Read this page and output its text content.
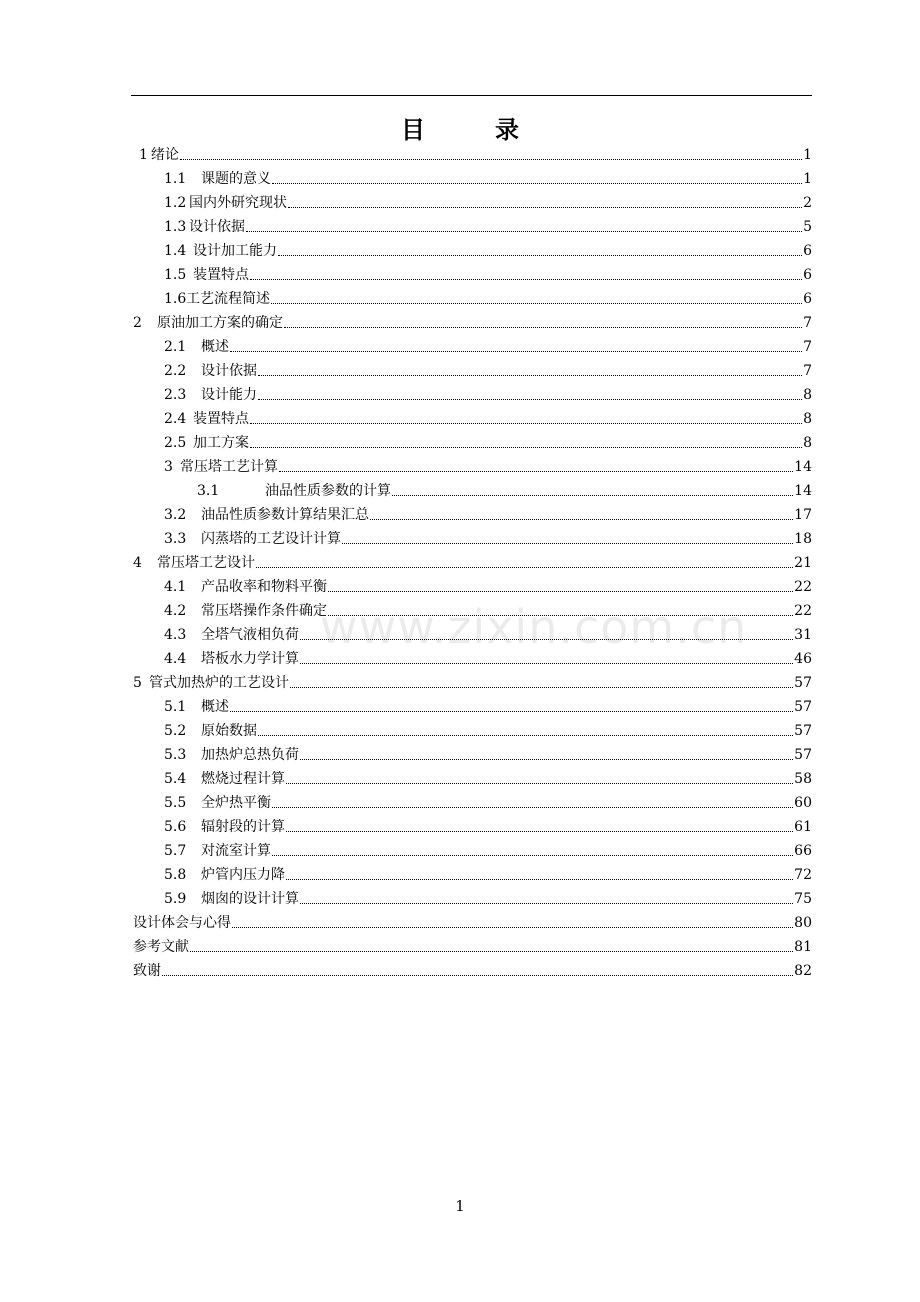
目	录
1 绪论	1
1.1	课题的意义	1
1.2 国内外研究现状	2
1.3 设计依据	5
1.4 设计加工能力	6
1.5 装置特点	6
1.6 工艺流程简述	6
2	原油加工方案的确定	7
2.1	概述	7
2.2	设计依据	7
2.3	设计能力	8
2.4 装置特点	8
2.5 加工方案	8
3 常压塔工艺计算	14
3.1	油品性质参数的计算	14
3.2	油品性质参数计算结果汇总	17
3.3	闪蒸塔的工艺设计计算	18
4	常压塔工艺设计	21
4.1	产品收率和物料平衡	22
4.2	常压塔操作条件确定	22
4.3	全塔气液相负荷	31
4.4	塔板水力学计算	46
5 管式加热炉的工艺设计	57
5.1	概述	57
5.2	原始数据	57
5.3	加热炉总热负荷	57
5.4	燃烧过程计算	58
5.5	全炉热平衡	60
5.6	辐射段的计算	61
5.7	对流室计算	66
5.8	炉管内压力降	72
5.9	烟囱的设计计算	75
设计体会与心得	80
参考文献	81
致谢	82
www.zixin.com.cn
1
